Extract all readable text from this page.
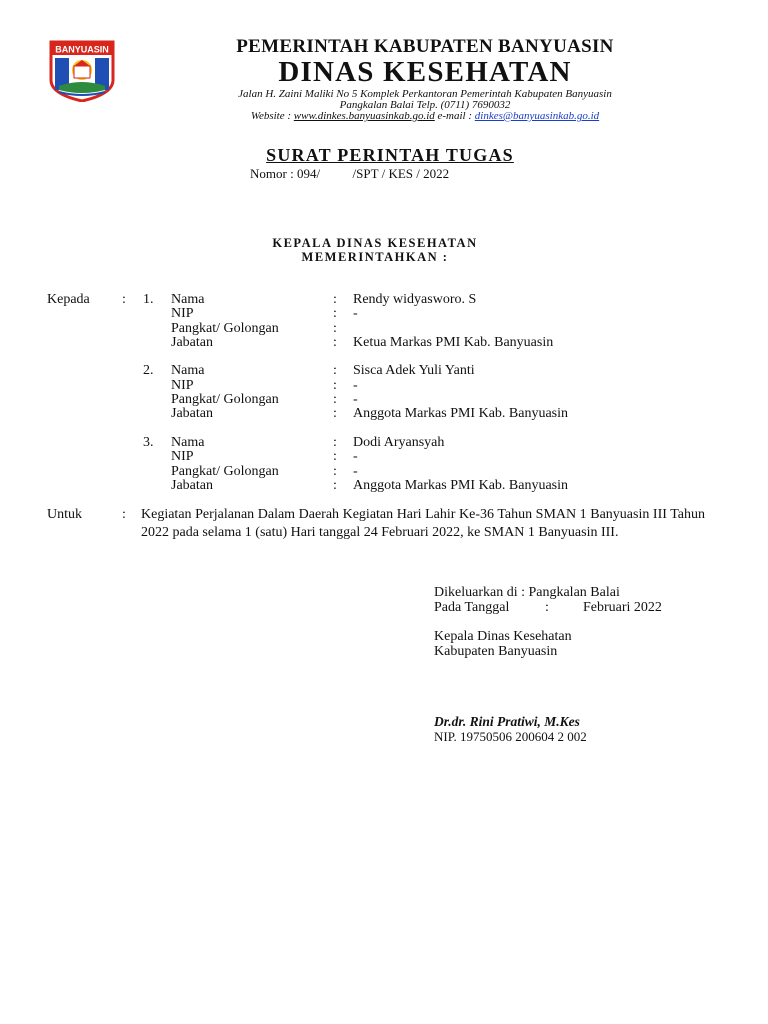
BANYUASIN	PEMERINTAH KABUPATEN BANYUASIN
DINAS KESEHATAN
Jalan H. Zaini Maliki No 5 Komplek Perkantoran Pemerintah Kabupaten Banyuasin
Pangkalan Balai Telp. (0711) 7690032
Website : www.dinkes.banyuasinkab.go.id e-mail : dinkes@banyuasinkab.go.id
SURAT PERINTAH TUGAS
Nomor : 094/          /SPT / KES / 2022
KEPALA DINAS KESEHATAN
MEMERINTAHKAN :
Kepada : 1. Nama	: Rendy widyasworo. S
NIP	: -
Pangkat/ Golongan	:
Jabatan	: Ketua Markas PMI Kab. Banyuasin
2. Nama	: Sisca Adek Yuli Yanti
NIP	: -
Pangkat/ Golongan	: -
Jabatan	: Anggota Markas PMI Kab. Banyuasin
3. Nama	: Dodi Aryansyah
NIP	: -
Pangkat/ Golongan	: -
Jabatan	: Anggota Markas PMI Kab. Banyuasin
Untuk	: Kegiatan Perjalanan Dalam Daerah Kegiatan Hari Lahir Ke-36 Tahun SMAN 1 Banyuasin III Tahun 2022 pada selama 1 (satu) Hari tanggal 24 Februari 2022, ke SMAN 1 Banyuasin III.
Dikeluarkan di : Pangkalan Balai
Pada Tanggal	: Februari 2022
Kepala Dinas Kesehatan
Kabupaten Banyuasin
Dr.dr. Rini Pratiwi, M.Kes
NIP. 19750506 200604 2 002
